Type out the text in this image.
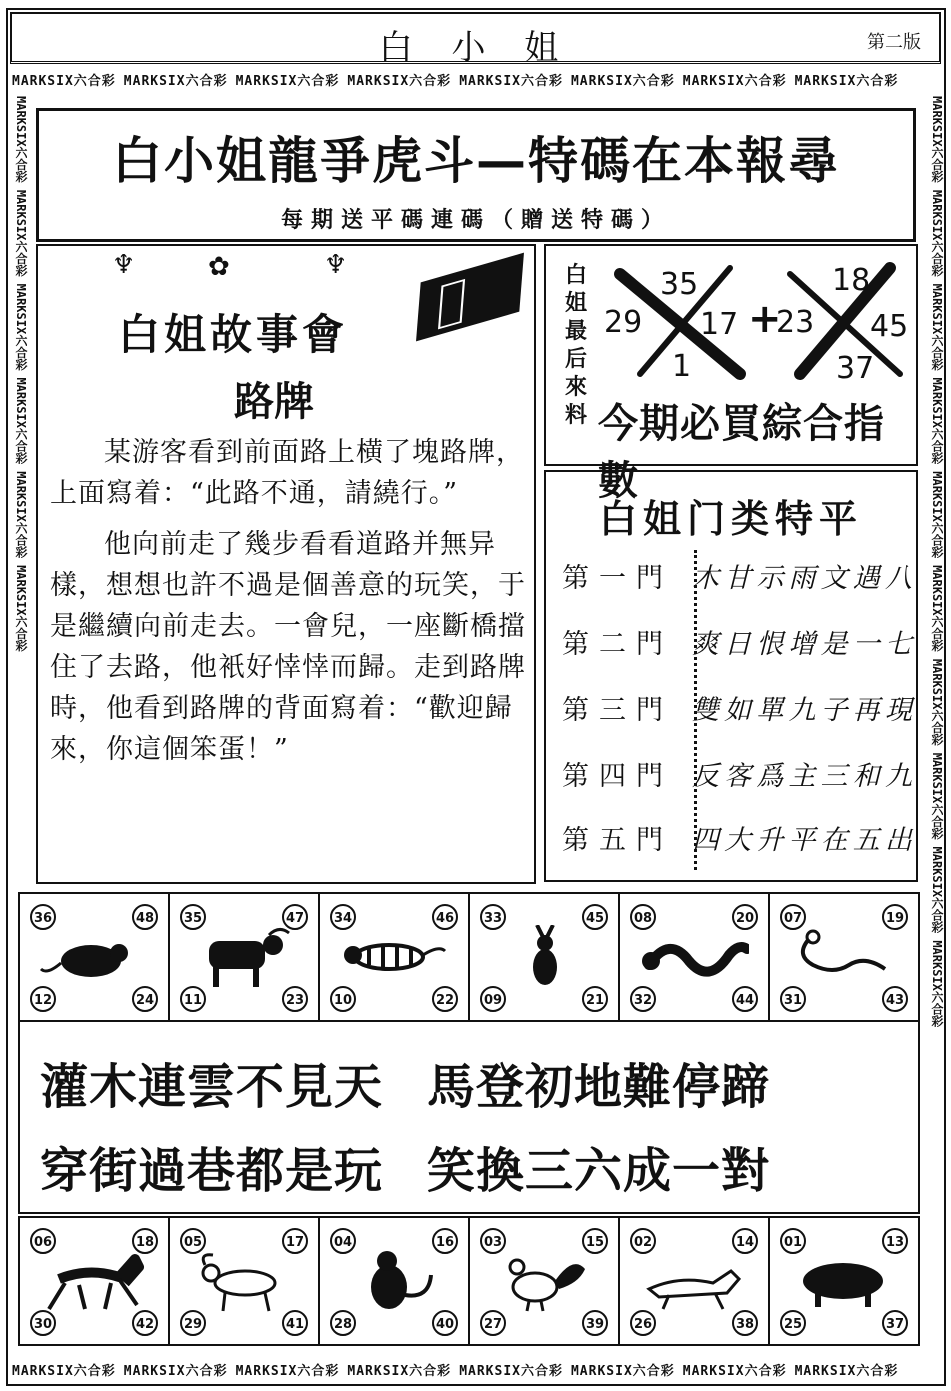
白 小 姐	第二版
MARKSIX六合彩 MARKSIX六合彩 MARKSIX六合彩 MARKSIX六合彩 MARKSIX六合彩 MARKSIX六合彩 MARKSIX六合彩 MARKSIX六合彩
MARKSIX六合彩 MARKSIX六合彩 MARKSIX六合彩 MARKSIX六合彩 MARKSIX六合彩 MARKSIX六合彩 MARKSIX六合彩 MARKSIX六合彩
MARKSIX六合彩 MARKSIX六合彩 MARKSIX六合彩 MARKSIX六合彩 MARKSIX六合彩 MARKSIX六合彩
MARKSIX六合彩 MARKSIX六合彩 MARKSIX六合彩 MARKSIX六合彩 MARKSIX六合彩 MARKSIX六合彩 MARKSIX六合彩 MARKSIX六合彩 MARKSIX六合彩 MARKSIX六合彩
白小姐龍爭虎斗—特碼在本報尋
每期送平碼連碼（贈送特碼）
♆	✿	♆
白姐故事會
路牌

某游客看到前面路上横了塊路牌，上面寫着：“此路不通，請繞行。”

他向前走了幾步看看道路并無异樣，想想也許不過是個善意的玩笑，于是繼續向前走去。一會兒，一座斷橋擋住了去路，他衹好悻悻而歸。走到路牌時，他看到路牌的背面寫着：“歡迎歸來，你這個笨蛋！”

白姐最后來料
35
29 17
1
+
18
23 45
37
今期必買綜合指數
白姐门类特平
第一門 木 甘 示 雨 文 遇 八
第二門 爽 日 恨 增 是 一 七
第三門 雙 如 單 九 子 再 現
第四門 反 客 爲 主 三 和 九
第五門 四 大 升 平 在 五 出
36	48
12	24
35	47
11	23
34	46
10	22
33	45
09	21
08	20
32	44
07	19
31	43
灌木連雲不見天 馬登初地難停蹄
穿街過巷都是玩 笑換三六成一對
06	18
30	42
05	17
29	41
04	16
28	40
03	15
27	39
02	14
26	38
01	13
25	37
